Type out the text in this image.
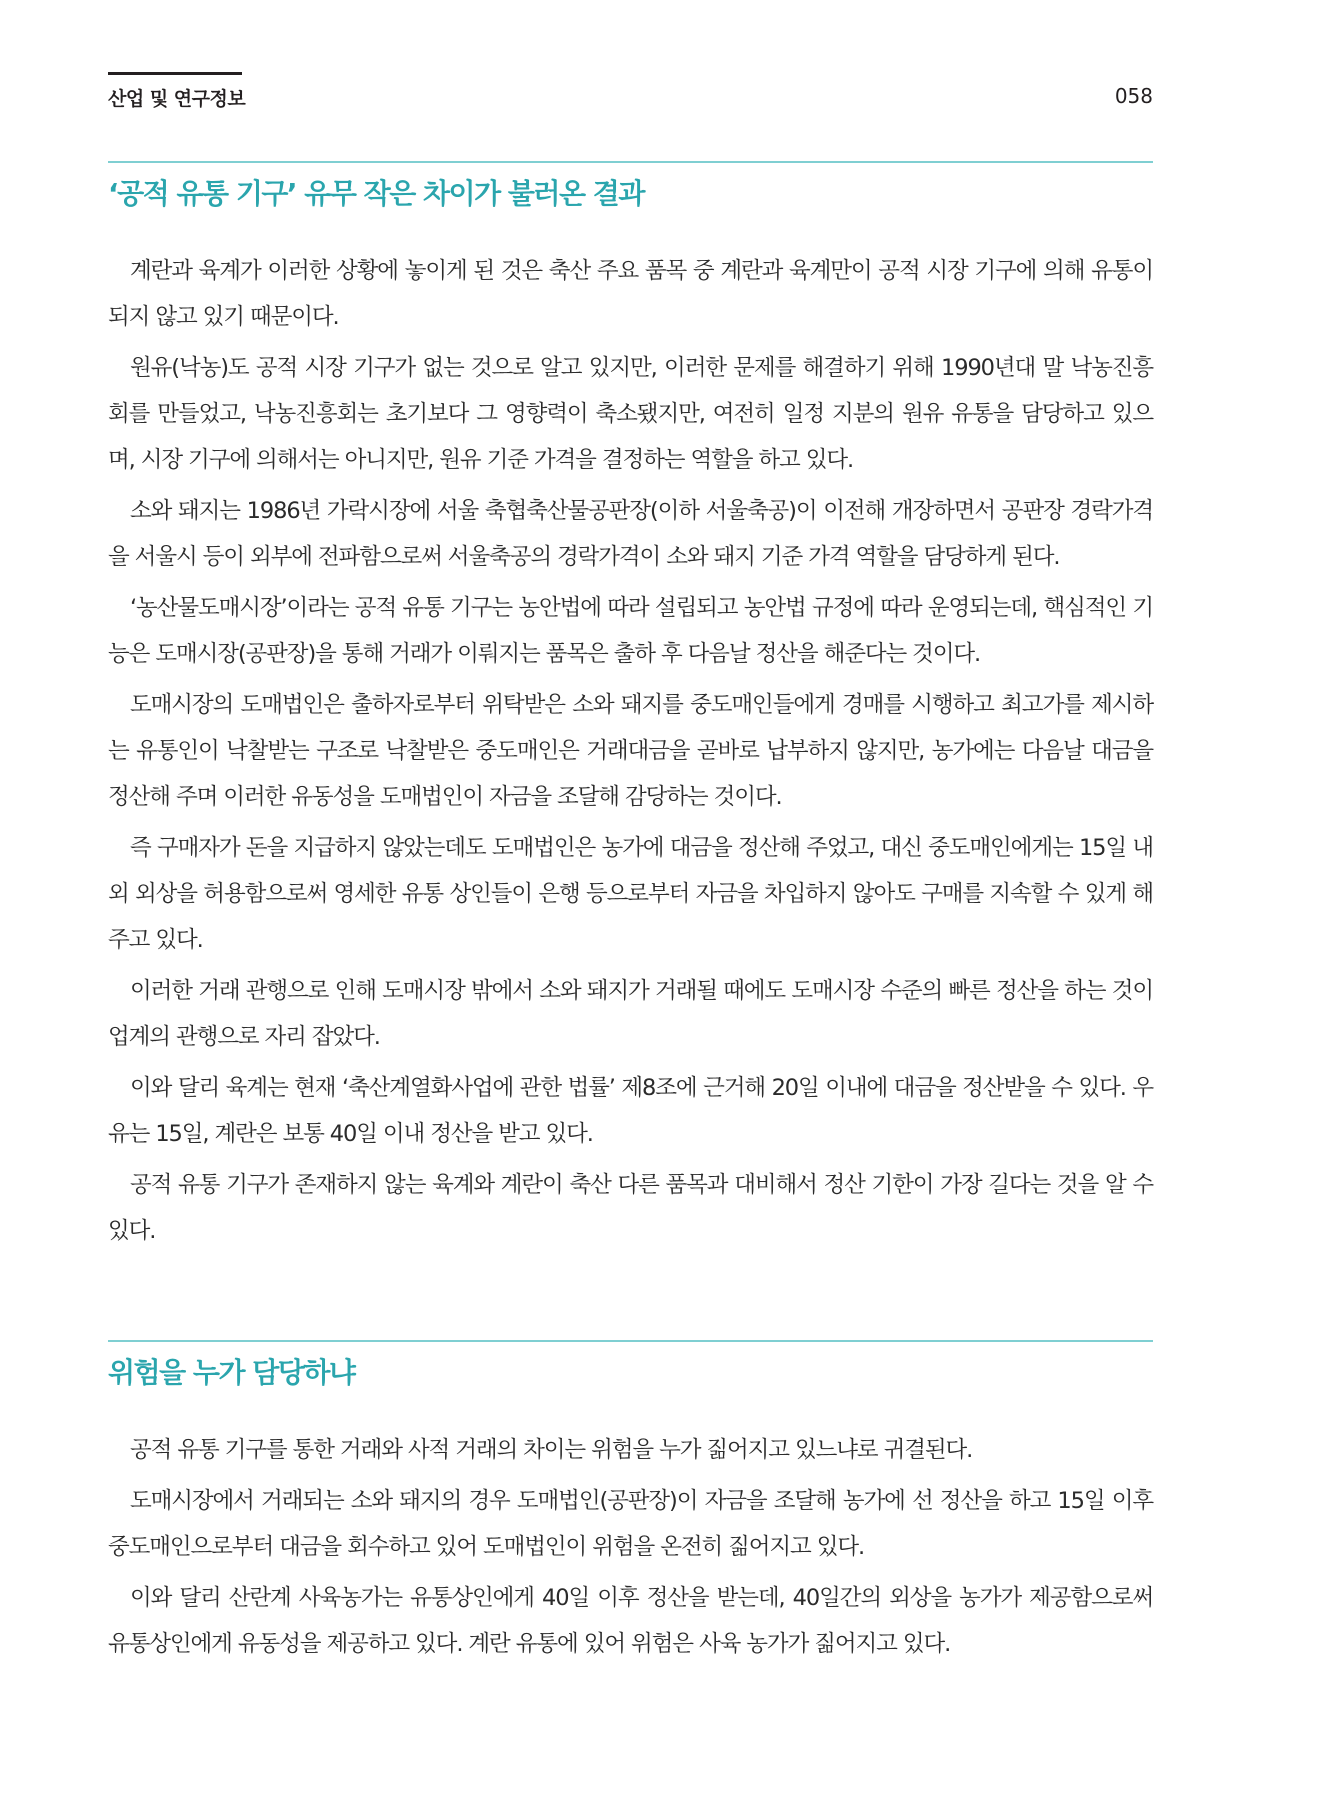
산업 및 연구정보	058
‘공적 유통 기구’ 유무 작은 차이가 불러온 결과

계란과 육계가 이러한 상황에 놓이게 된 것은 축산 주요 품목 중 계란과 육계만이 공적 시장 기구에 의해 유통이 되지 않고 있기 때문이다.

원유(낙농)도 공적 시장 기구가 없는 것으로 알고 있지만, 이러한 문제를 해결하기 위해 1990년대 말 낙농진흥회를 만들었고, 낙농진흥회는 초기보다 그 영향력이 축소됐지만, 여전히 일정 지분의 원유 유통을 담당하고 있으며, 시장 기구에 의해서는 아니지만, 원유 기준 가격을 결정하는 역할을 하고 있다.

소와 돼지는 1986년 가락시장에 서울 축협축산물공판장(이하 서울축공)이 이전해 개장하면서 공판장 경락가격을 서울시 등이 외부에 전파함으로써 서울축공의 경락가격이 소와 돼지 기준 가격 역할을 담당하게 된다.

‘농산물도매시장’이라는 공적 유통 기구는 농안법에 따라 설립되고 농안법 규정에 따라 운영되는데, 핵심적인 기능은 도매시장(공판장)을 통해 거래가 이뤄지는 품목은 출하 후 다음날 정산을 해준다는 것이다.

도매시장의 도매법인은 출하자로부터 위탁받은 소와 돼지를 중도매인들에게 경매를 시행하고 최고가를 제시하는 유통인이 낙찰받는 구조로 낙찰받은 중도매인은 거래대금을 곧바로 납부하지 않지만, 농가에는 다음날 대금을 정산해 주며 이러한 유동성을 도매법인이 자금을 조달해 감당하는 것이다.

즉 구매자가 돈을 지급하지 않았는데도 도매법인은 농가에 대금을 정산해 주었고, 대신 중도매인에게는 15일 내외 외상을 허용함으로써 영세한 유통 상인들이 은행 등으로부터 자금을 차입하지 않아도 구매를 지속할 수 있게 해주고 있다.

이러한 거래 관행으로 인해 도매시장 밖에서 소와 돼지가 거래될 때에도 도매시장 수준의 빠른 정산을 하는 것이 업계의 관행으로 자리 잡았다.

이와 달리 육계는 현재 ‘축산계열화사업에 관한 법률’ 제8조에 근거해 20일 이내에 대금을 정산받을 수 있다. 우유는 15일, 계란은 보통 40일 이내 정산을 받고 있다.

공적 유통 기구가 존재하지 않는 육계와 계란이 축산 다른 품목과 대비해서 정산 기한이 가장 길다는 것을 알 수 있다.

위험을 누가 담당하냐

공적 유통 기구를 통한 거래와 사적 거래의 차이는 위험을 누가 짊어지고 있느냐로 귀결된다.

도매시장에서 거래되는 소와 돼지의 경우 도매법인(공판장)이 자금을 조달해 농가에 선 정산을 하고 15일 이후 중도매인으로부터 대금을 회수하고 있어 도매법인이 위험을 온전히 짊어지고 있다.

이와 달리 산란계 사육농가는 유통상인에게 40일 이후 정산을 받는데, 40일간의 외상을 농가가 제공함으로써 유통상인에게 유동성을 제공하고 있다. 계란 유통에 있어 위험은 사육 농가가 짊어지고 있다.
